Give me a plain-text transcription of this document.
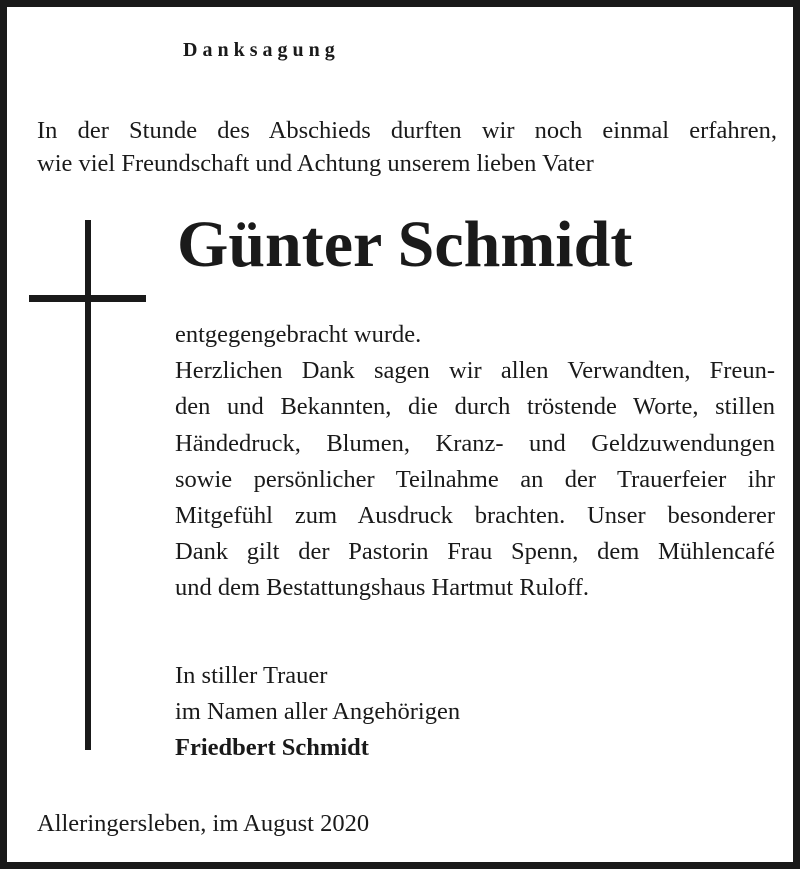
Danksagung
In der Stunde des Abschieds durften wir noch einmal erfahren,
wie viel Freundschaft und Achtung unserem lieben Vater
Günter Schmidt
entgegengebracht wurde.
Herzlichen Dank sagen wir allen Verwandten, Freun-
den und Bekannten, die durch tröstende Worte, stillen
Händedruck, Blumen, Kranz- und Geldzuwendungen
sowie persönlicher Teilnahme an der Trauerfeier ihr
Mitgefühl zum Ausdruck brachten. Unser besonderer
Dank gilt der Pastorin Frau Spenn, dem Mühlencafé
und dem Bestattungshaus Hartmut Ruloff.
In stiller Trauer
im Namen aller Angehörigen
Friedbert Schmidt
Alleringersleben, im August 2020
